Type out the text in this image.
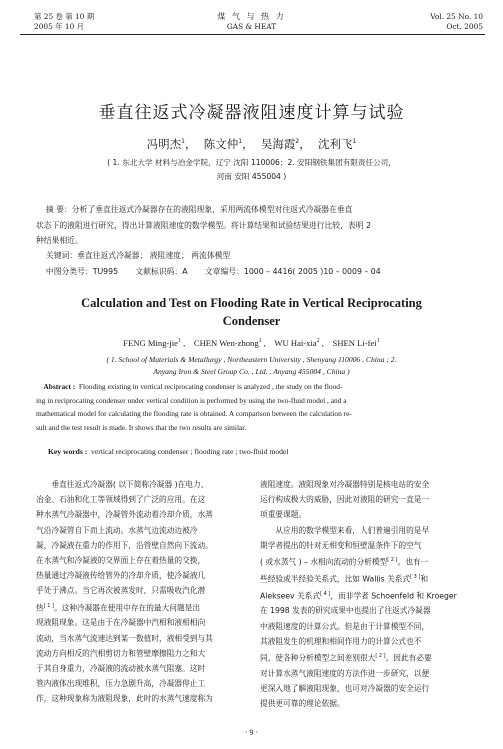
第 25 卷 第 10 期
2005 年 10 月
煤 气 与 热 力
GAS & HEAT
Vol. 25 No. 10
Oct. 2005
垂直往返式冷凝器液阻速度计算与试验
冯明杰$^1$，  陈文仲$^1$，  吴海霞$^2$，  沈利飞$^1$
( 1. 东北大学 材料与冶金学院，辽宁 沈阳 110006；2. 安阳钢铁集团有限责任公司，
河南 安阳 455004 )
摘 要：分析了垂直往返式冷凝器存在的液阻现象，采用两流体模型对往返式冷凝器在垂直
状态下的液阻进行研究，得出计算液阻速度的数学模型。将计算结果和试验结果进行比较，表明 2
种结果相近。
关键词：垂直往返式冷凝器； 液阻速度； 两流体模型
中图分类号：TU995 文献标识码：A 文章编号：1000 – 4416( 2005 )10 – 0009 – 04
Calculation and Test on Flooding Rate in Vertical Reciprocating
Condenser
FENG Ming-jie$^1$ ,    CHEN Wen-zhong$^1$ ,    WU Hai-xia$^2$ ,    SHEN Li-fei$^1$
( 1. School of Materials & Metallurgy , Northeastern University , Shenyang 110006 , China ; 2.
Anyang Iron & Steel Group Co. , Ltd. , Anyang 455004 , China )
Abstract : Flooding existing in vertical reciprocating condenser is analyzed , the study on the flood-
ing in reciprocating condenser under vertical condition is performed by using the two-fluid model , and a
mathematical model for calculating the flooding rate is obtained. A comparison between the calculation re-
sult and the test result is made. It shows that the two results are similar.
Key words : vertical reciprocating condenser ; flooding rate ; two-fluid model
　　垂直往返式冷凝器( 以下简称冷凝器 )在电力、
冶金、石油和化工等领域得到了广泛的应用。在这
种水蒸气冷凝器中，冷凝管外流动着冷却介质，水蒸
气沿冷凝管自下而上流动。水蒸气边流动边被冷
凝，冷凝液在重力的作用下，沿管壁自然向下流动。
在水蒸气和冷凝液的交界面上存在着热量的交换，
热量通过冷凝液传给管外的冷却介质，使冷凝液几
乎处于沸点。当它再次被蒸发时，只需吸收汽化潜
热[ 1 ]。这种冷凝器在使用中存在的最大问题是出
现液阻现象。这是由于在冷凝器中汽相和液相相向
流动，当水蒸气流速达到某一数值时，液相受到与其
流动方向相反的汽相剪切力和管壁摩擦阻力之和大
于其自身重力，冷凝液的流动被水蒸气阻塞。这时
管内液体出现堆积，压力急剧升高，冷凝器停止工
作，这种现象称为液阻现象，此时的水蒸气速度称为
液阻速度。液阻现象对冷凝器特别是核电站的安全
运行构成极大的威胁，因此对液阻的研究一直是一
项重要课题。
　　从应用的数学模型来看，人们普遍引用的是早
期学者提出的针对无相变和恒壁温条件下的空气
( 或水蒸气 ) – 水相向流动的分析模型[ 2 ]。也有一
些经验或半经验关系式，比如 Wallis 关系式[ 3 ]和
Alekseev 关系式[ 4 ]，而非学者 Schoenfeld 和 Kroeger
在 1998 发表的研究成果中也提出了往返式冷凝器
中液阻速度的计算公式。但是由于计算模型不同，
其液阻发生的机理和相间作用力的计算公式也不
同，使各种分析模型之间差别很大[ 2 ]。因此有必要
对计算水蒸气液阻速度的方法作进一步研究，以便
更深入地了解液阻现象，也可对冷凝器的安全运行
提供更可靠的理论依据。
· 9 ·
